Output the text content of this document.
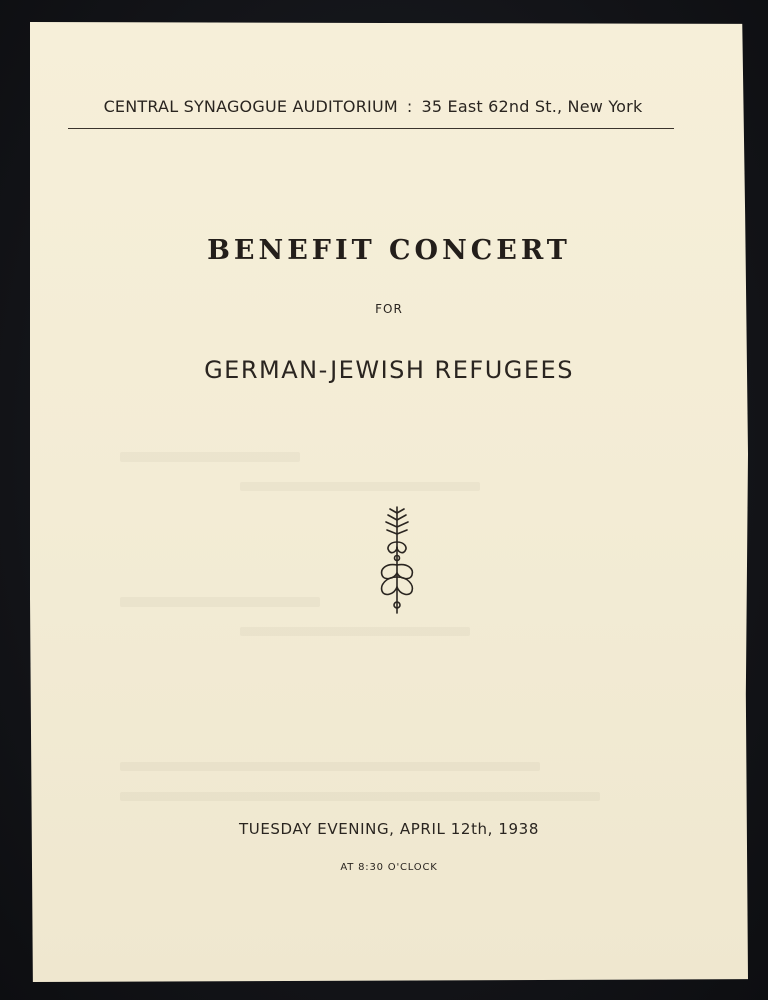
CENTRAL SYNAGOGUE AUDITORIUM : 35 East 62nd St., New York
BENEFIT CONCERT
FOR
GERMAN-JEWISH REFUGEES
TUESDAY EVENING, APRIL 12th, 1938
AT 8:30 O'CLOCK
